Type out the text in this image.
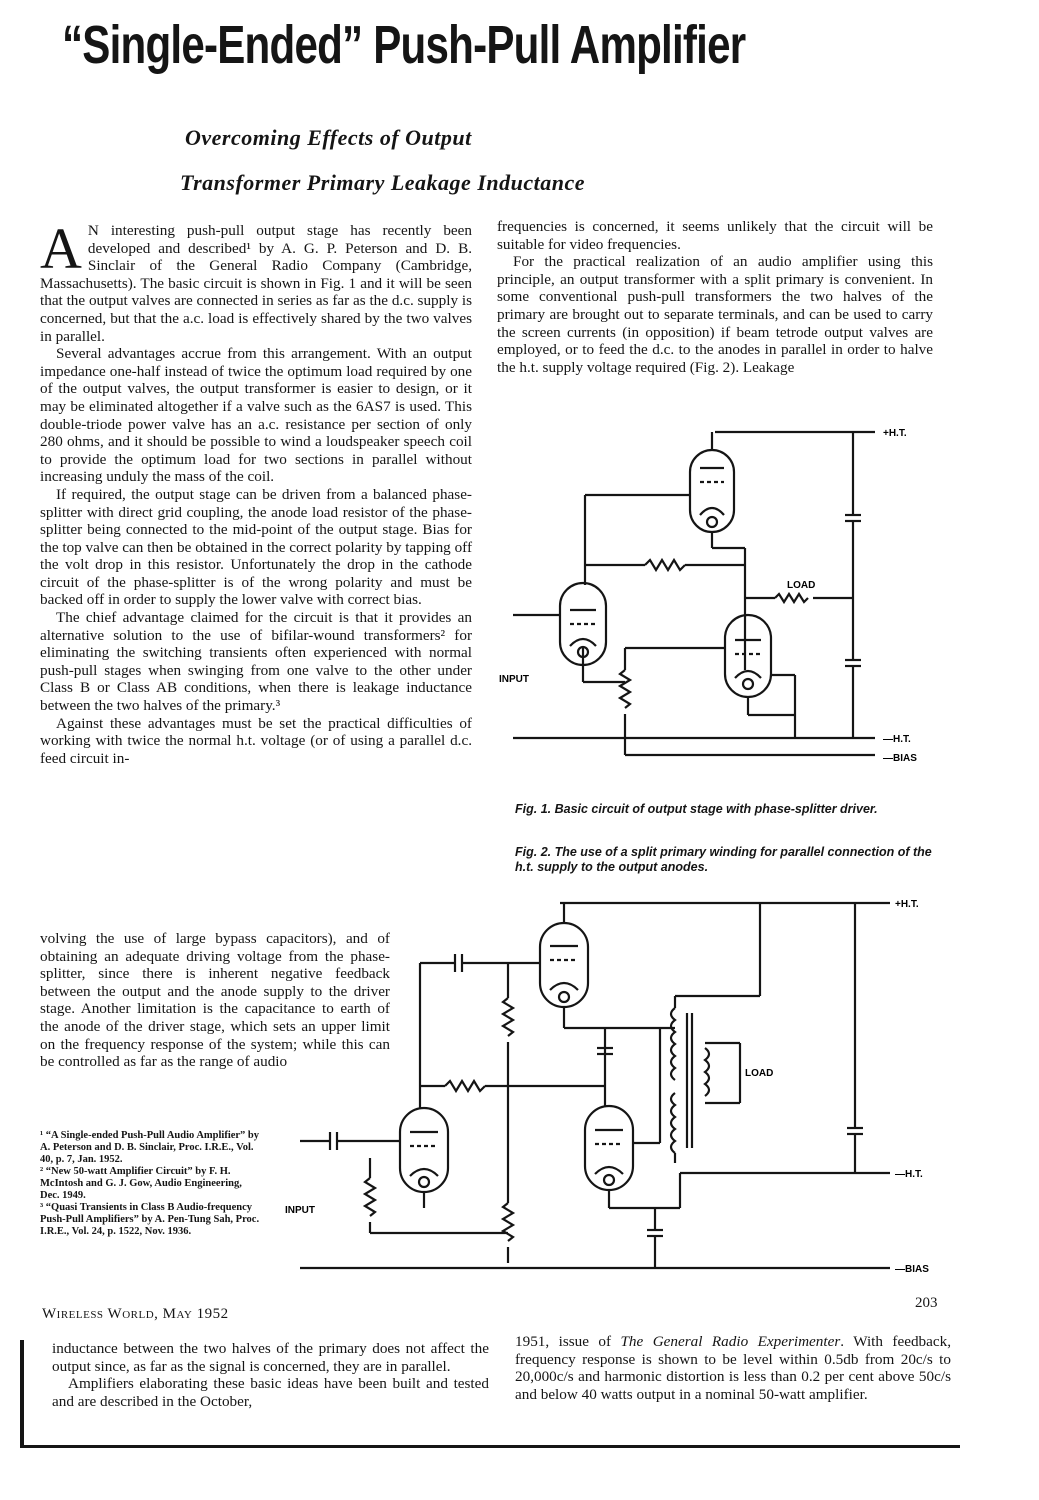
“Single-Ended” Push-Pull Amplifier
Overcoming Effects of Output
Transformer Primary Leakage Inductance

A N interesting push-pull output stage has recently been developed and described¹ by A. G. P. Peterson and D. B. Sinclair of the General Radio Company (Cambridge, Massachusetts). The basic circuit is shown in Fig. 1 and it will be seen that the output valves are connected in series as far as the d.c. supply is concerned, but that the a.c. load is effectively shared by the two valves in parallel.

Several advantages accrue from this arrangement. With an output impedance one-half instead of twice the optimum load required by one of the output valves, the output transformer is easier to design, or it may be eliminated altogether if a valve such as the 6AS7 is used. This double-triode power valve has an a.c. resistance per section of only 280 ohms, and it should be possible to wind a loudspeaker speech coil to provide the optimum load for two sections in parallel without increasing unduly the mass of the coil.

If required, the output stage can be driven from a balanced phase-splitter with direct grid coupling, the anode load resistor of the phase-splitter being connected to the mid-point of the output stage. Bias for the top valve can then be obtained in the correct polarity by tapping off the volt drop in this resistor. Unfortunately the drop in the cathode circuit of the phase-splitter is of the wrong polarity and must be backed off in order to supply the lower valve with correct bias.

The chief advantage claimed for the circuit is that it provides an alternative solution to the use of bifilar-wound transformers² for eliminating the switching transients often experienced with normal push-pull stages when swinging from one valve to the other under Class B or Class AB conditions, when there is leakage inductance between the two halves of the primary.³

Against these advantages must be set the practical difficulties of working with twice the normal h.t. voltage (or of using a parallel d.c. feed circuit in-

volving the use of large bypass capacitors), and of obtaining an adequate driving voltage from the phase-splitter, since there is inherent negative feedback between the output and the anode supply to the driver stage. Another limitation is the capacitance to earth of the anode of the driver stage, which sets an upper limit on the frequency response of the system; while this can be controlled as far as the range of audio

frequencies is concerned, it seems unlikely that the circuit will be suitable for video frequencies.

For the practical realization of an audio amplifier using this principle, an output transformer with a split primary is convenient. In some conventional push-pull transformers the two halves of the primary are brought out to separate terminals, and can be used to carry the screen currents (in opposition) if beam tetrode output valves are employed, or to feed the d.c. to the anodes in parallel in order to halve the h.t. supply voltage required (Fig. 2). Leakage

LOAD
+H.T.
—H.T.
—BIAS
INPUT
Fig. 1. Basic circuit of output stage with phase-splitter driver.
Fig. 2. The use of a split primary winding for parallel connection of the h.t. supply to the output anodes.
LOAD
+H.T.
—H.T.
—BIAS
INPUT

¹ “A Single-ended Push-Pull Audio Amplifier” by A. Peterson and D. B. Sinclair, Proc. I.R.E., Vol. 40, p. 7, Jan. 1952.

² “New 50-watt Amplifier Circuit” by F. H. McIntosh and G. J. Gow, Audio Engineering, Dec. 1949.

³ “Quasi Transients in Class B Audio-frequency Push-Pull Amplifiers” by A. Pen-Tung Sah, Proc. I.R.E., Vol. 24, p. 1522, Nov. 1936.

Wireless World, May 1952
203

inductance between the two halves of the primary does not affect the output since, as far as the signal is concerned, they are in parallel.

Amplifiers elaborating these basic ideas have been built and tested and are described in the October,

1951, issue of The General Radio Experimenter. With feedback, frequency response is shown to be level within 0.5db from 20c/s to 20,000c/s and harmonic distortion is less than 0.2 per cent above 50c/s and below 40 watts output in a nominal 50-watt amplifier.
